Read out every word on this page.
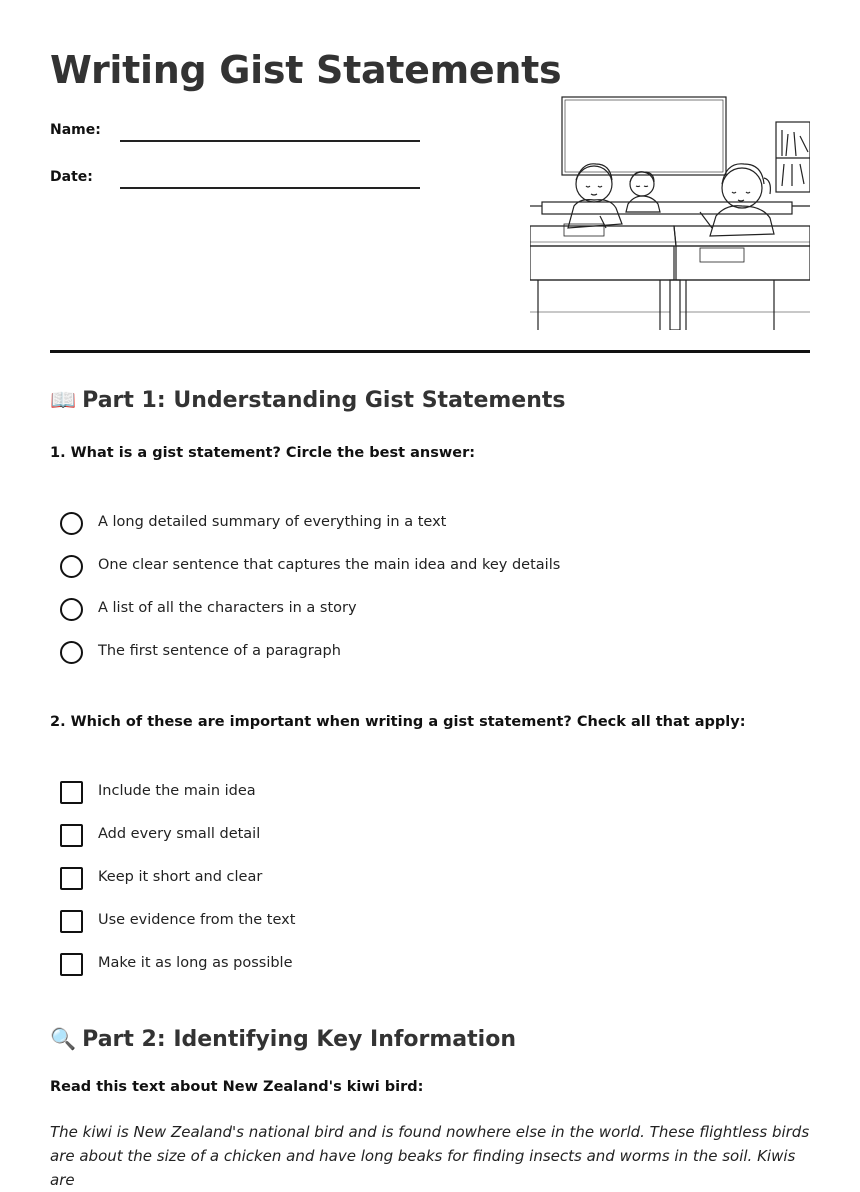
Writing Gist Statements
Name:
Date:
📖 Part 1: Understanding Gist Statements
1. What is a gist statement? Circle the best answer:
A long detailed summary of everything in a text
One clear sentence that captures the main idea and key details
A list of all the characters in a story
The first sentence of a paragraph
2. Which of these are important when writing a gist statement? Check all that apply:
Include the main idea
Add every small detail
Keep it short and clear
Use evidence from the text
Make it as long as possible
🔍 Part 2: Identifying Key Information
Read this text about New Zealand's kiwi bird:
The kiwi is New Zealand's national bird and is found nowhere else in the world. These flightless birds are about the size of a chicken and have long beaks for finding insects and worms in the soil. Kiwis are
